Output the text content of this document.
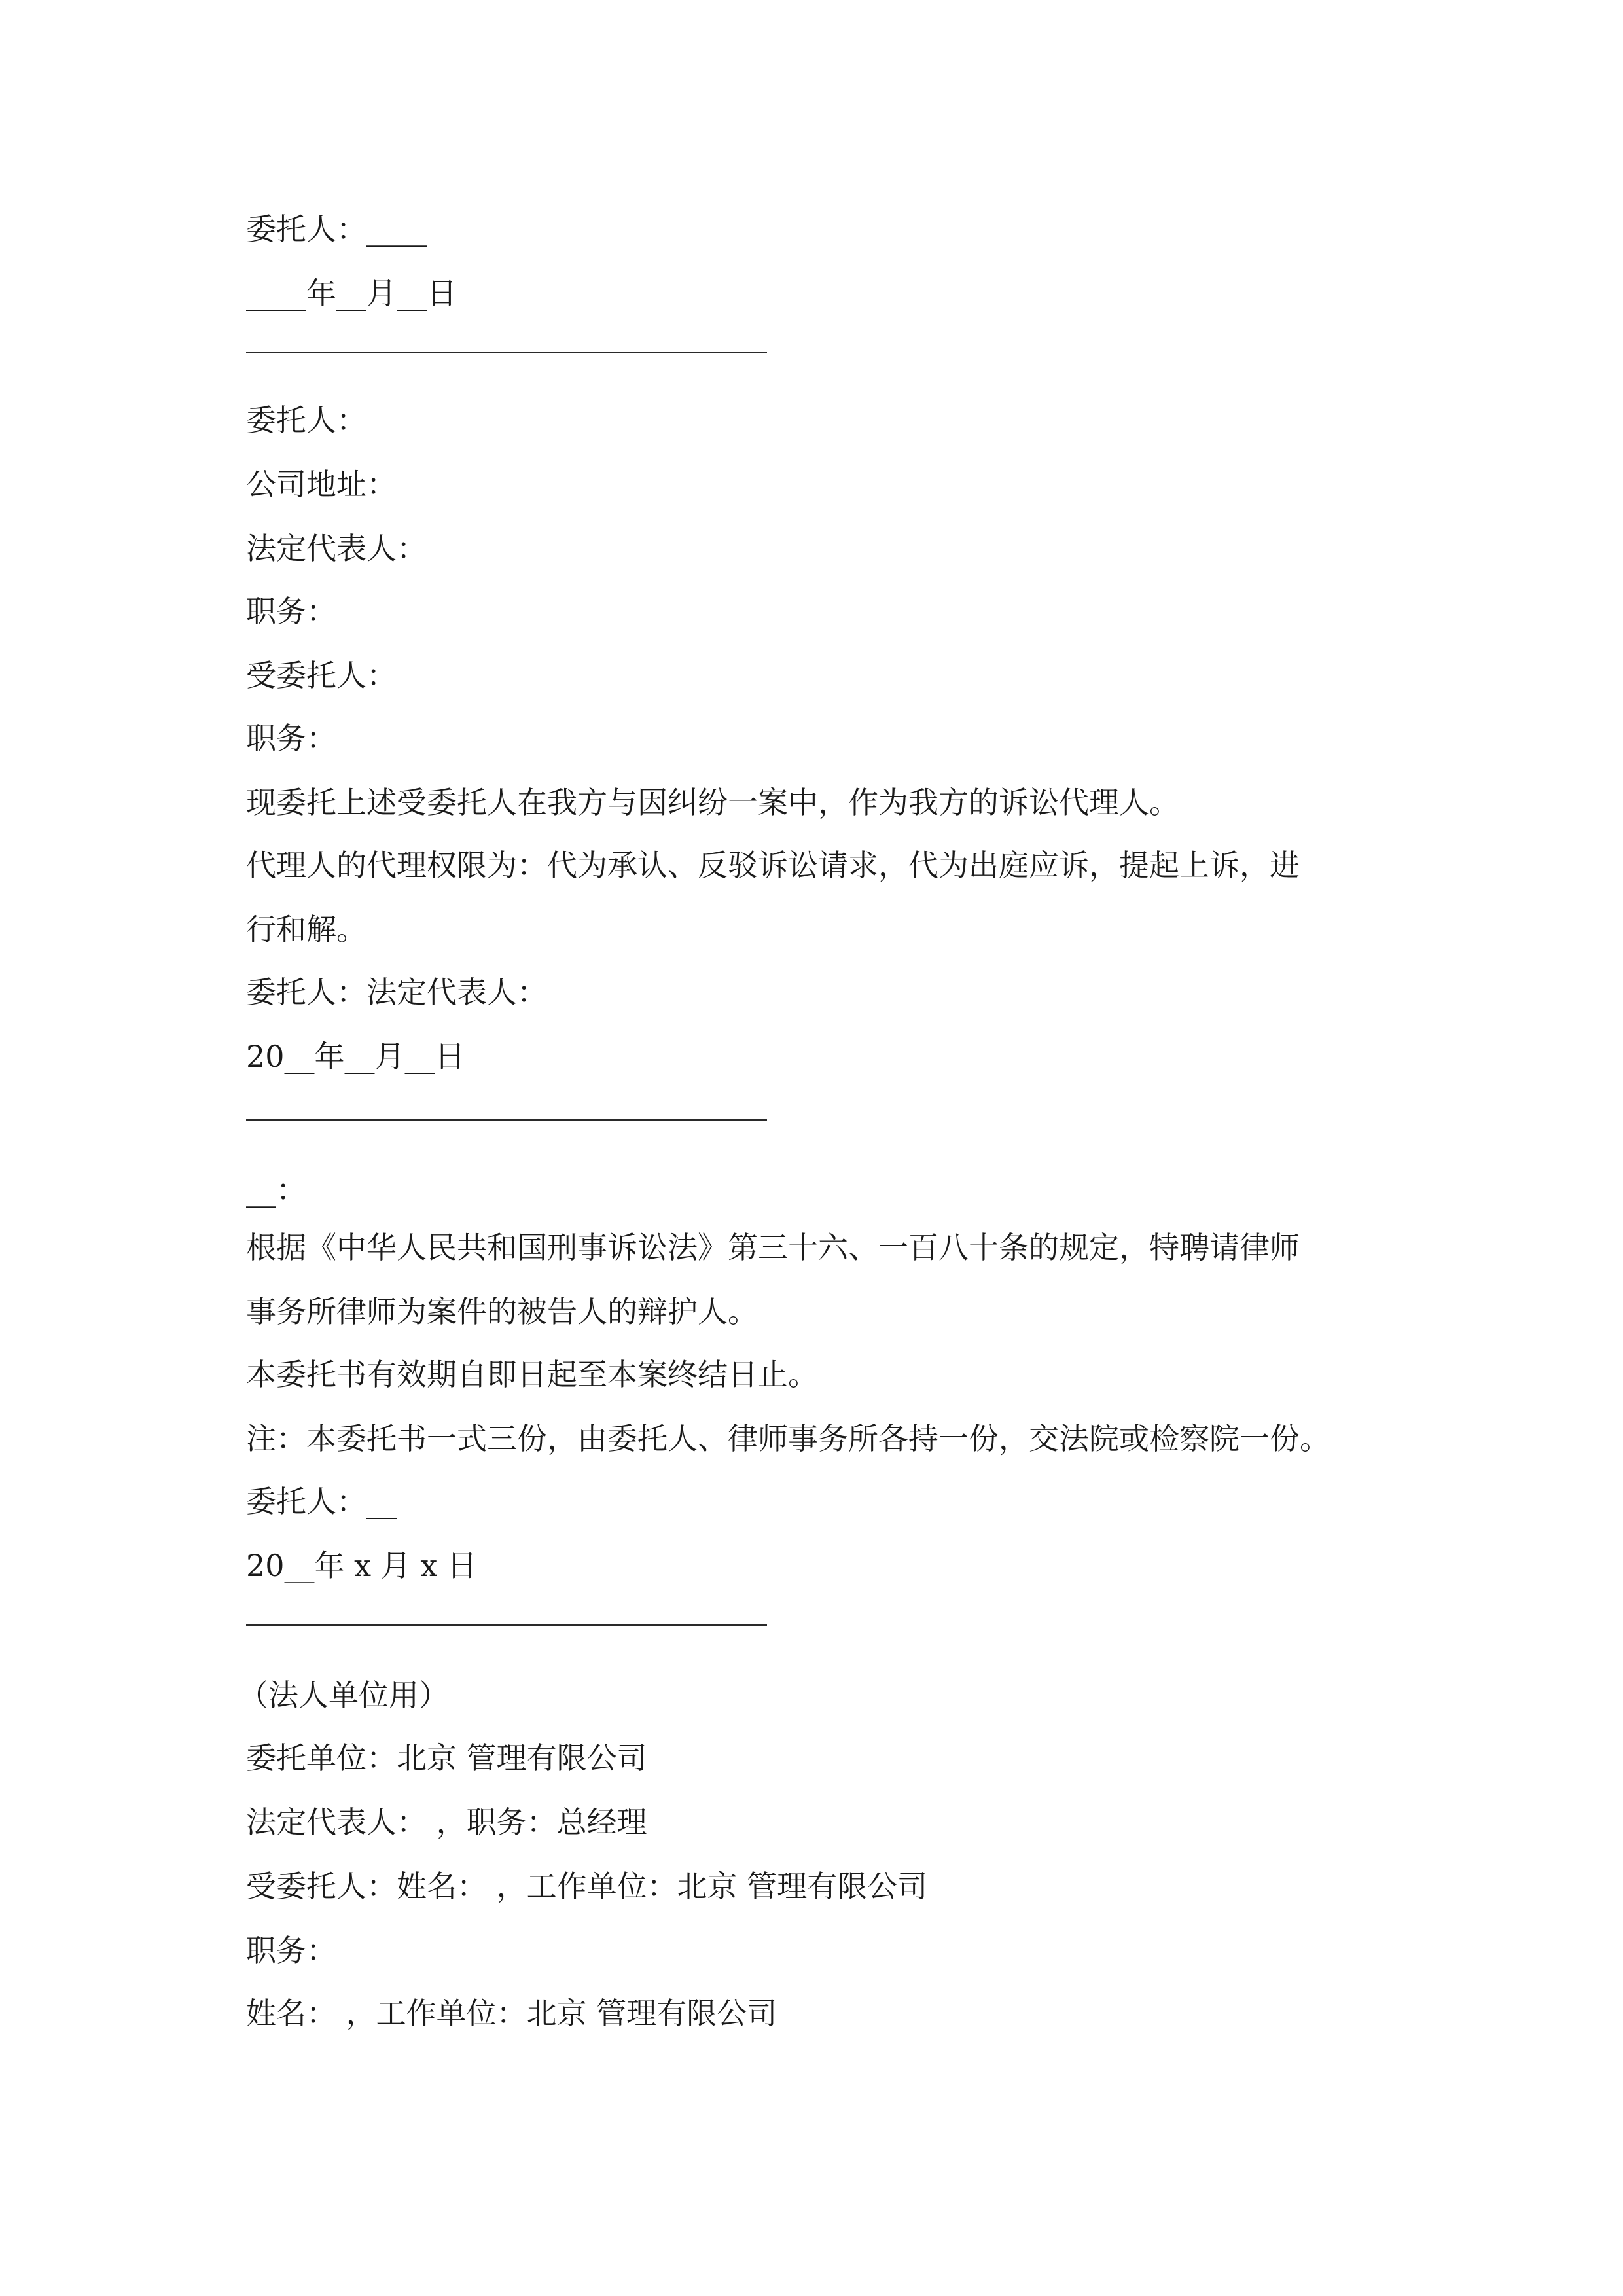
委托人：____
____年__月__日
委托人：
公司地址：
法定代表人：
职务：
受委托人：
职务：
现委托上述受委托人在我方与因纠纷一案中，作为我方的诉讼代理人。
代理人的代理权限为：代为承认、反驳诉讼请求，代为出庭应诉，提起上诉，进
行和解。
委托人：法定代表人：
20__年__月__日
__：
根据《中华人民共和国刑事诉讼法》第三十六、一百八十条的规定，特聘请律师
事务所律师为案件的被告人的辩护人。
本委托书有效期自即日起至本案终结日止。
注：本委托书一式三份，由委托人、律师事务所各持一份，交法院或检察院一份。
委托人：__
20__年 x 月 x 日
（法人单位用）
委托单位：北京 管理有限公司
法定代表人： ，职务：总经理
受委托人：姓名： ，工作单位：北京 管理有限公司
职务：
姓名： ，工作单位：北京 管理有限公司
